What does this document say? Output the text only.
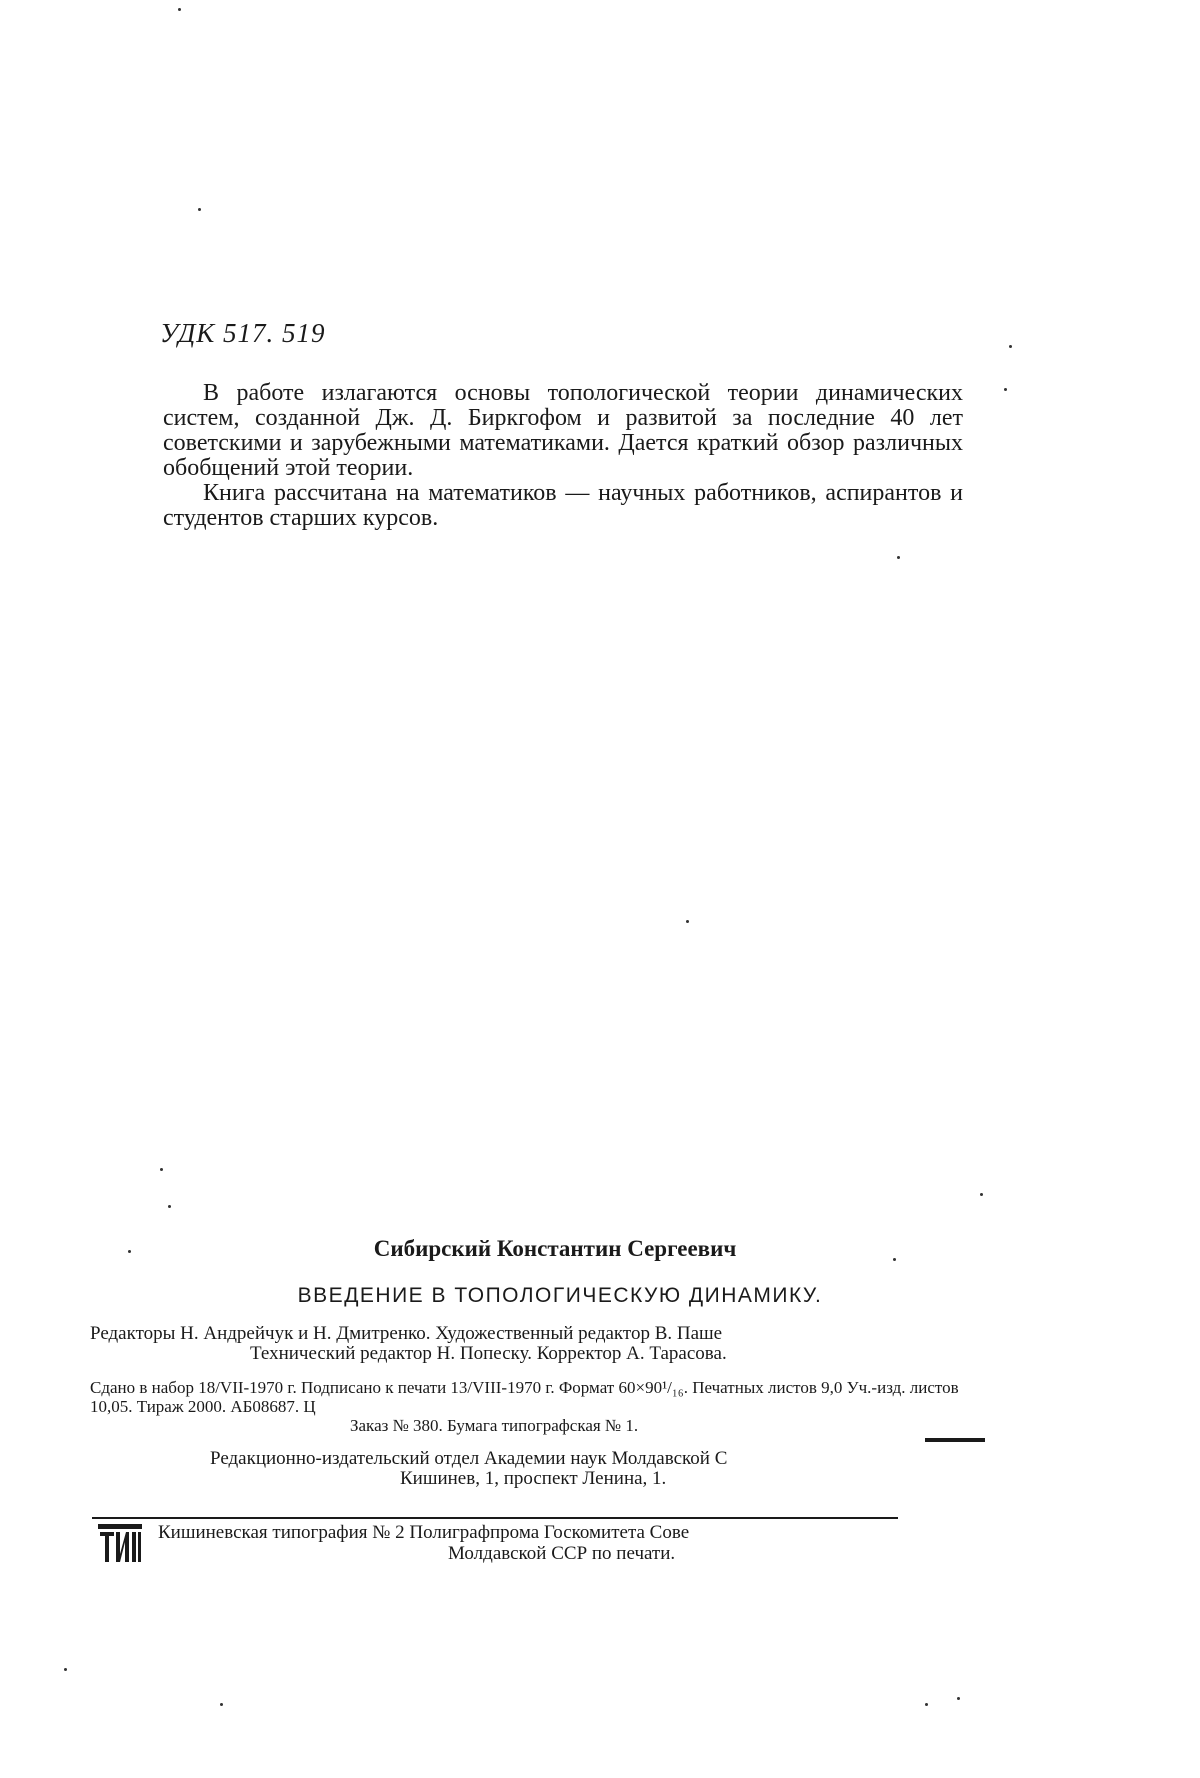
УДК 517. 519

В работе излагаются основы топологической теории динамических систем, созданной Дж. Д. Биркгофом и развитой за последние 40 лет советскими и зарубежными математиками. Дается краткий обзор различных обобщений этой теории.

Книга рассчитана на математиков — научных работников, аспирантов и студентов старших курсов.

Сибирский Константин Сергеевич
ВВЕДЕНИЕ В ТОПОЛОГИЧЕСКУЮ ДИНАМИКУ.
Редакторы Н. Андрейчук и Н. Дмитренко. Художественный редактор В. Паше
Технический редактор Н. Попеску. Корректор А. Тарасова.
Сдано в набор 18/VII-1970 г. Подписано к печати 13/VIII-1970 г. Формат 60×90¹/₁₆. Печатных листов 9,0 Уч.-изд. листов 10,05. Тираж 2000. АБ08687. Ц
Заказ № 380. Бумага типографская № 1.
Редакционно-издательский отдел Академии наук Молдавской С
Кишинев, 1, проспект Ленина, 1.
Кишиневская типография № 2 Полиграфпрома Госкомитета Сове
Молдавской ССР по печати.
